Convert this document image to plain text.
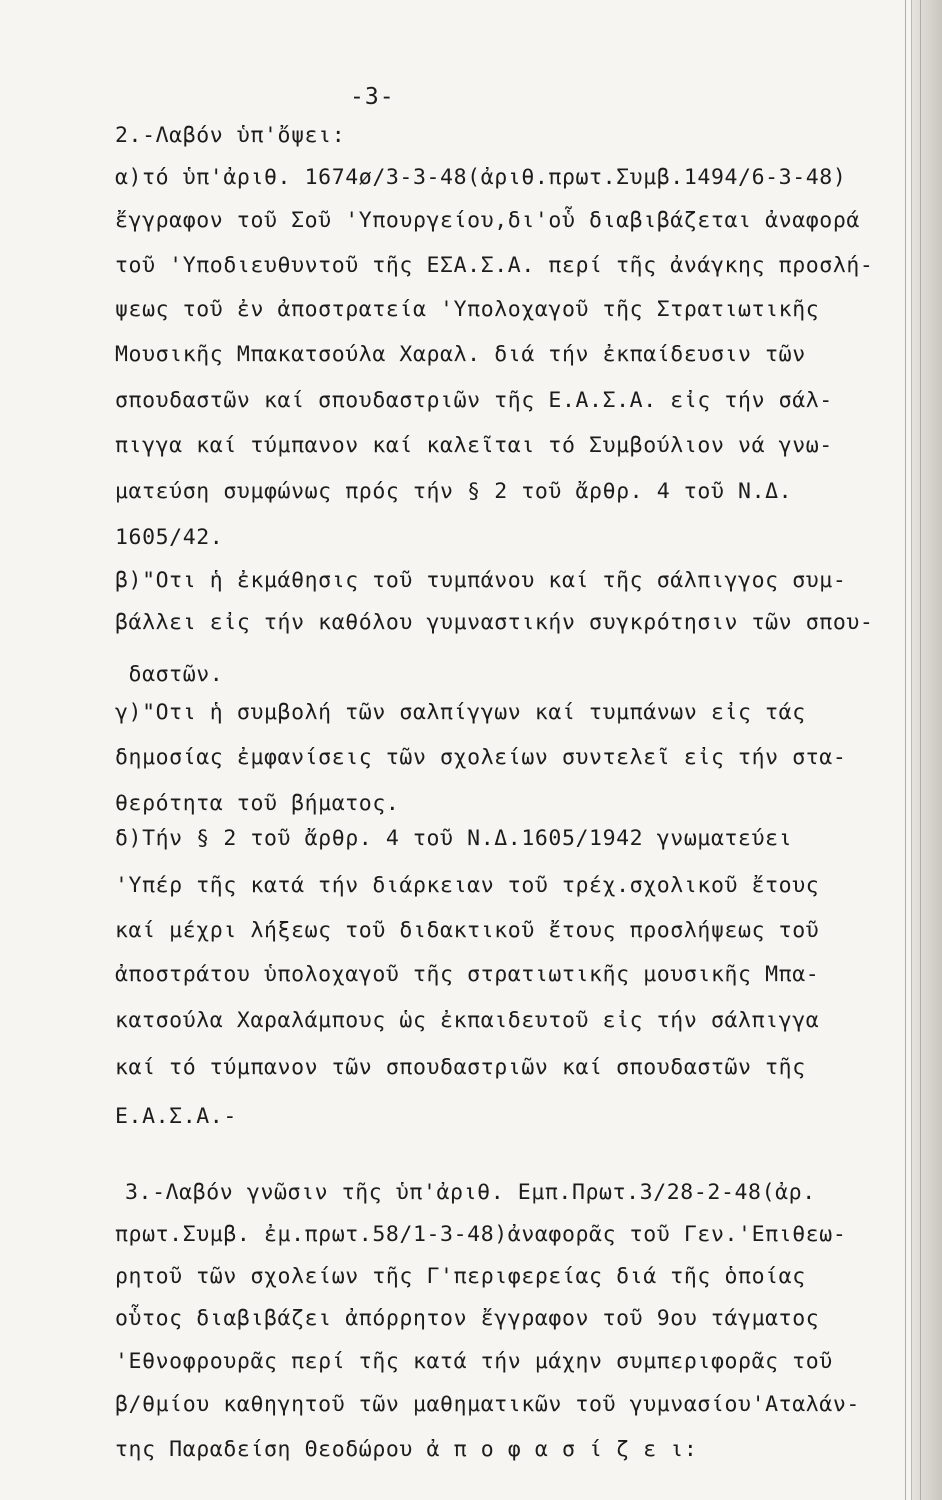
-3-
2.-Λαβόν ὑπ'ὄψει:
α)τό ὑπ'ἀριθ. 1674ø/3-3-48(ἀριθ.πρωτ.Συμβ.1494/6-3-48)
ἔγγραφον τοῦ Σοῦ 'Υπουργείου,δι'οὗ διαβιβάζεται ἀναφορά
τοῦ 'Υποδιευθυντοῦ τῆς ΕΣΑ.Σ.Α. περί τῆς ἀνάγκης προσλή-
ψεως τοῦ ἐν ἀποστρατεία 'Υπολοχαγοῦ τῆς Στρατιωτικῆς
Μουσικῆς Μπακατσούλα Χαραλ. διά τήν ἐκπαίδευσιν τῶν
σπουδαστῶν καί σπουδαστριῶν τῆς Ε.Α.Σ.Α. εἰς τήν σάλ-
πιγγα καί τύμπανον καί καλεῖται τό Συμβούλιον νά γνω-
ματεύση συμφώνως πρός τήν § 2 τοῦ ἄρθρ. 4 τοῦ Ν.Δ.
1605/42.
β)"Οτι ἡ ἐκμάθησις τοῦ τυμπάνου καί τῆς σάλπιγγος συμ-
βάλλει εἰς τήν καθόλου γυμναστικήν συγκρότησιν τῶν σπου-
δαστῶν.
γ)"Οτι ἡ συμβολή τῶν σαλπίγγων καί τυμπάνων εἰς τάς
δημοσίας ἐμφανίσεις τῶν σχολείων συντελεῖ εἰς τήν στα-
θερότητα τοῦ βήματος.
δ)Τήν § 2 τοῦ ἄρθρ. 4 τοῦ Ν.Δ.1605/1942 γνωματεύει
'Υπέρ τῆς κατά τήν διάρκειαν τοῦ τρέχ.σχολικοῦ ἔτους
καί μέχρι λήξεως τοῦ διδακτικοῦ ἔτους προσλήψεως τοῦ
ἀποστράτου ὑπολοχαγοῦ τῆς στρατιωτικῆς μουσικῆς Μπα-
κατσούλα Χαραλάμπους ὡς ἐκπαιδευτοῦ εἰς τήν σάλπιγγα
καί τό τύμπανον τῶν σπουδαστριῶν καί σπουδαστῶν τῆς
Ε.Α.Σ.Α.-
3.-Λαβόν γνῶσιν τῆς ὑπ'ἀριθ. Εμπ.Πρωτ.3/28-2-48(ἀρ.
πρωτ.Συμβ. ἐμ.πρωτ.58/1-3-48)ἀναφορᾶς τοῦ Γεν.'Επιθεω-
ρητοῦ τῶν σχολείων τῆς Γ'περιφερείας διά τῆς ὁποίας
οὗτος διαβιβάζει ἀπόρρητον ἔγγραφον τοῦ 9ου τάγματος
'Εθνοφρουρᾶς περί τῆς κατά τήν μάχην συμπεριφορᾶς τοῦ
β/θμίου καθηγητοῦ τῶν μαθηματικῶν τοῦ γυμνασίου'Αταλάν-
της Παραδείση Θεοδώρου ἀ π ο φ α σ ί ζ ε ι:
